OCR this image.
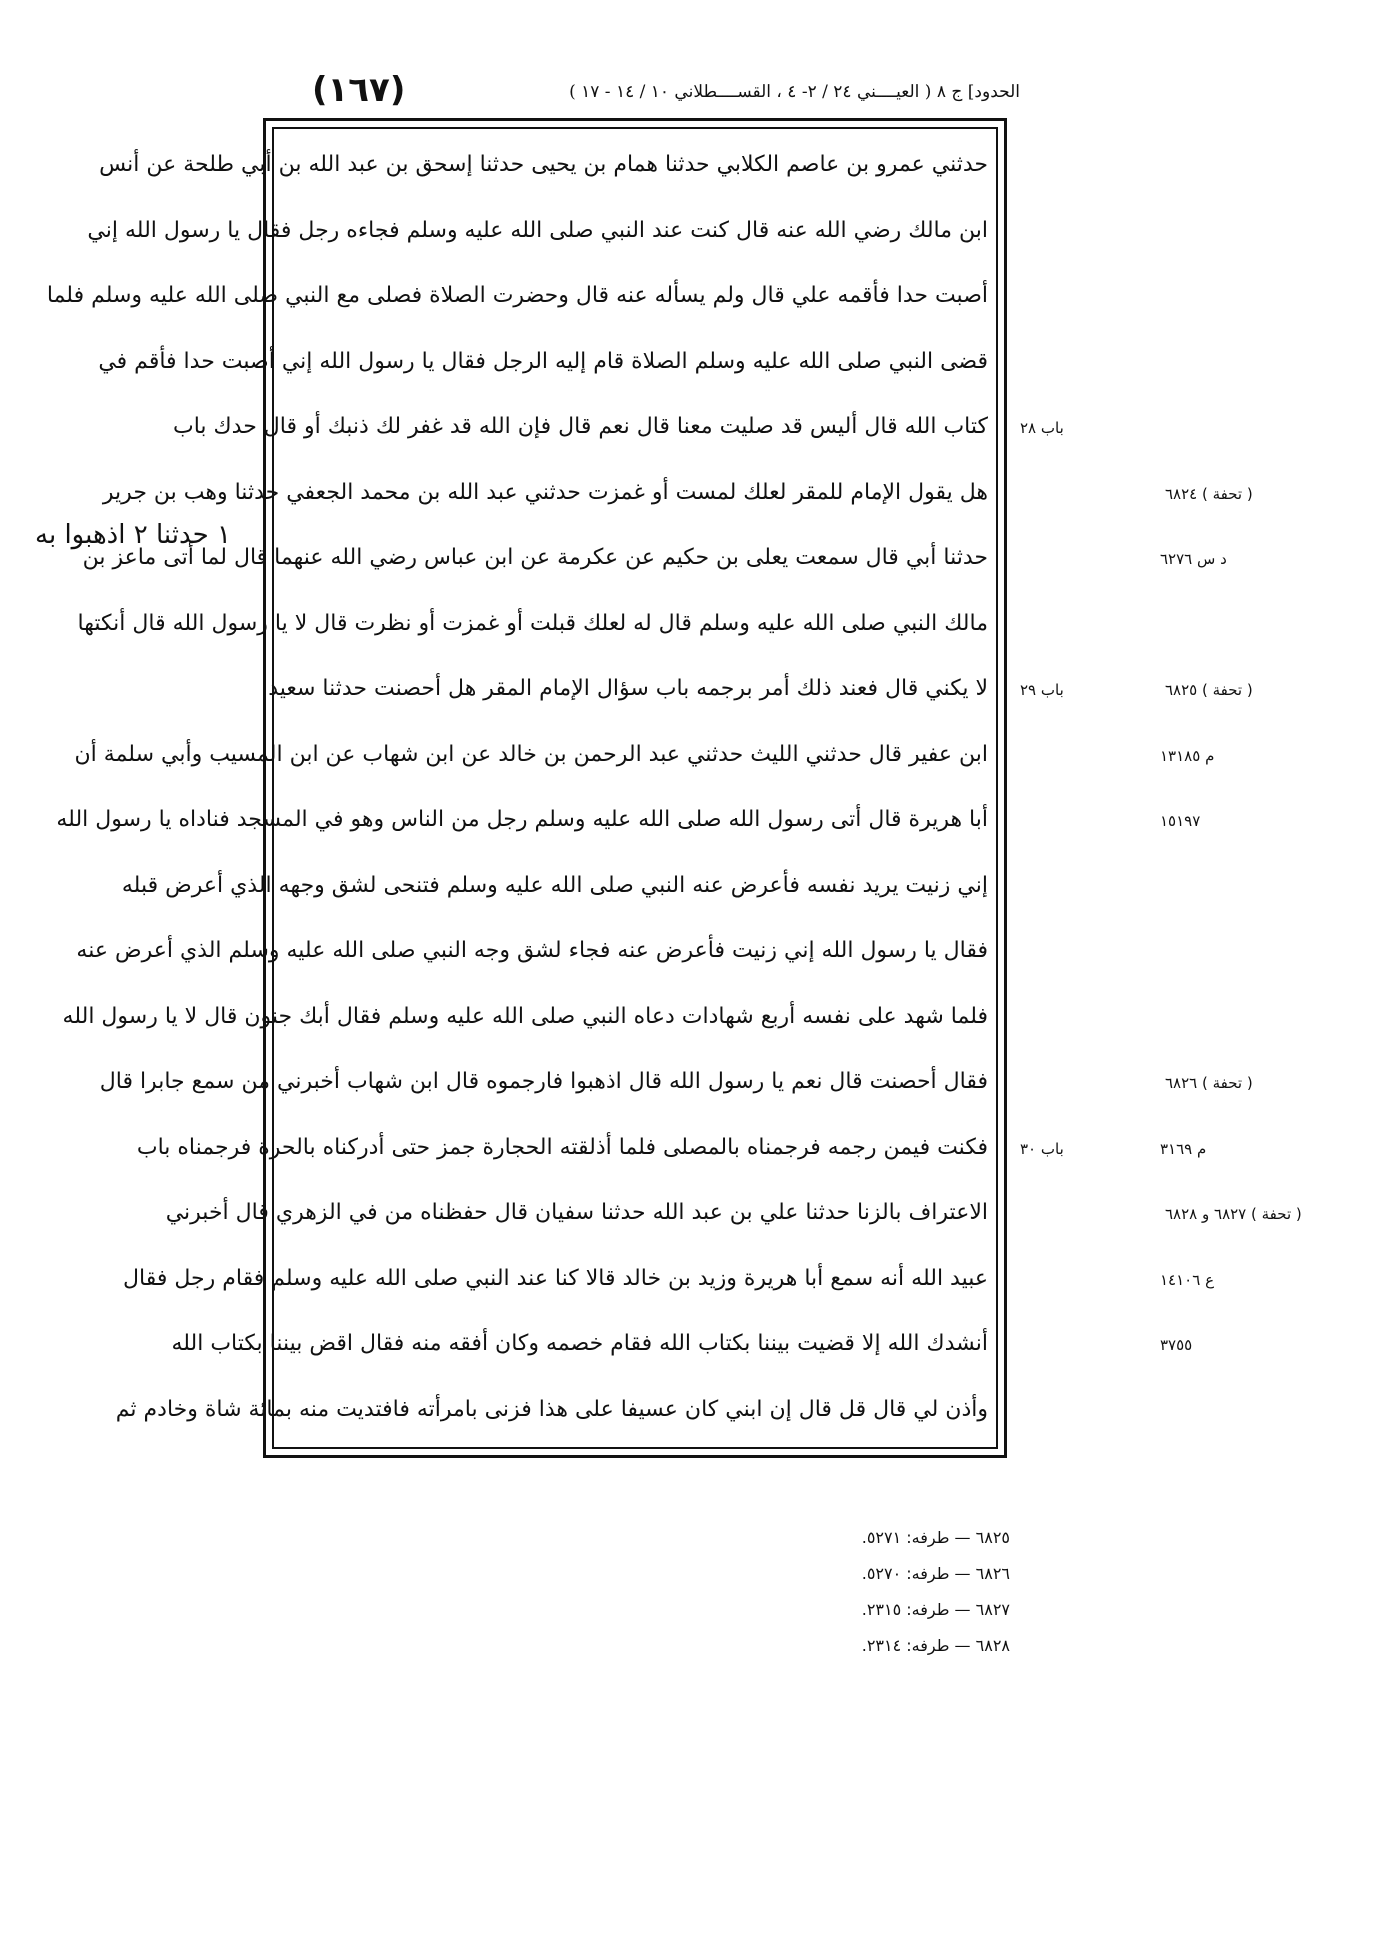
الحدود] ج ٨ ( العيــــني ٢٤ / ٢- ٤ ، القســــطلاني ١٠ / ١٤ - ١٧ )
(١٦٧)
حدثني عمرو بن عاصم الكلابي حدثنا همام بن يحيى حدثنا إسحق بن عبد الله بن أبي طلحة عن أنس
ابن مالك رضي الله عنه قال كنت عند النبي صلى الله عليه وسلم فجاءه رجل فقال يا رسول الله إني
أصبت حدا فأقمه علي قال ولم يسأله عنه قال وحضرت الصلاة فصلى مع النبي صلى الله عليه وسلم فلما
قضى النبي صلى الله عليه وسلم الصلاة قام إليه الرجل فقال يا رسول الله إني أصبت حدا فأقم في
كتاب الله قال أليس قد صليت معنا قال نعم قال فإن الله قد غفر لك ذنبك أو قال حدك باب
هل يقول الإمام للمقر لعلك لمست أو غمزت حدثني عبد الله بن محمد الجعفي حدثنا وهب بن جرير
حدثنا أبي قال سمعت يعلى بن حكيم عن عكرمة عن ابن عباس رضي الله عنهما قال لما أتى ماعز بن
مالك النبي صلى الله عليه وسلم قال له لعلك قبلت أو غمزت أو نظرت قال لا يا رسول الله قال أنكتها
لا يكني قال فعند ذلك أمر برجمه باب سؤال الإمام المقر هل أحصنت حدثنا سعيد
ابن عفير قال حدثني الليث حدثني عبد الرحمن بن خالد عن ابن شهاب عن ابن المسيب وأبي سلمة أن
أبا هريرة قال أتى رسول الله صلى الله عليه وسلم رجل من الناس وهو في المسجد فناداه يا رسول الله
إني زنيت يريد نفسه فأعرض عنه النبي صلى الله عليه وسلم فتنحى لشق وجهه الذي أعرض قبله
فقال يا رسول الله إني زنيت فأعرض عنه فجاء لشق وجه النبي صلى الله عليه وسلم الذي أعرض عنه
فلما شهد على نفسه أربع شهادات دعاه النبي صلى الله عليه وسلم فقال أبك جنون قال لا يا رسول الله
فقال أحصنت قال نعم يا رسول الله قال اذهبوا فارجموه قال ابن شهاب أخبرني من سمع جابرا قال
فكنت فيمن رجمه فرجمناه بالمصلى فلما أذلقته الحجارة جمز حتى أدركناه بالحرة فرجمناه باب
الاعتراف بالزنا حدثنا علي بن عبد الله حدثنا سفيان قال حفظناه من في الزهري قال أخبرني
عبيد الله أنه سمع أبا هريرة وزيد بن خالد قالا كنا عند النبي صلى الله عليه وسلم فقام رجل فقال
أنشدك الله إلا قضيت بيننا بكتاب الله فقام خصمه وكان أفقه منه فقال اقض بيننا بكتاب الله
وأذن لي قال قل قال إن ابني كان عسيفا على هذا فزنى بامرأته فافتديت منه بمائة شاة وخادم ثم
باب ٢٨
( تحفة ) ٦٨٢٤
د س ٦٢٧٦
باب ٢٩	( تحفة ) ٦٨٢٥
م ١٣١٨٥
١٥١٩٧
( تحفة ) ٦٨٢٦
م ٣١٦٩
باب ٣٠
( تحفة ) ٦٨٢٧ و ٦٨٢٨
ع ١٤١٠٦
٣٧٥٥
١ حدثنا ٢ اذهبوا به
٦٨٢٥ — طرفه: ٥٢٧١.
٦٨٢٦ — طرفه: ٥٢٧٠.
٦٨٢٧ — طرفه: ٢٣١٥.
٦٨٢٨ — طرفه: ٢٣١٤.
